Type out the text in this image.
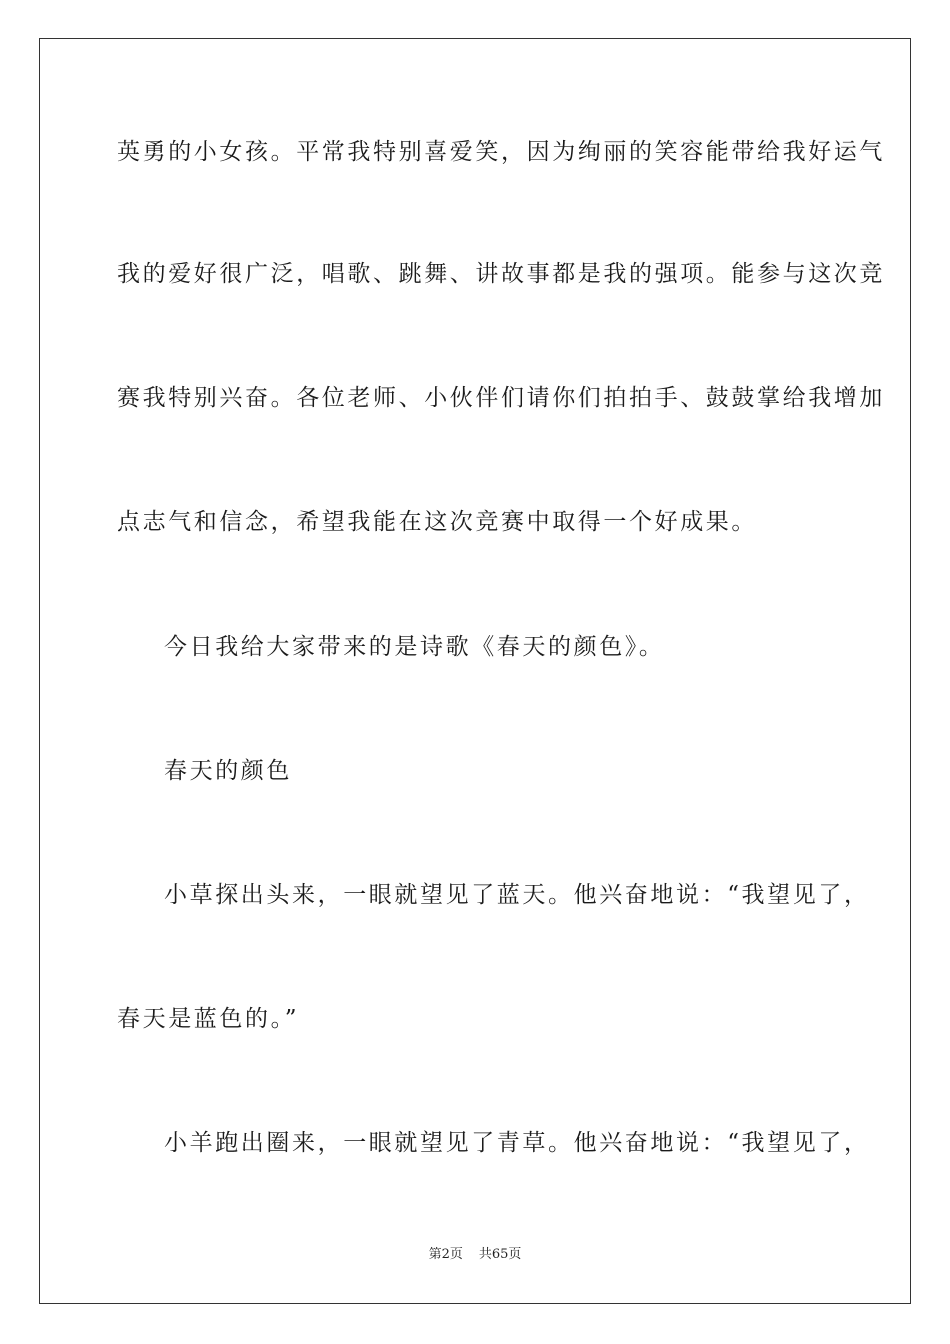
英勇的小女孩。平常我特别喜爱笑，因为绚丽的笑容能带给我好运气
我的爱好很广泛，唱歌、跳舞、讲故事都是我的强项。能参与这次竞
赛我特别兴奋。各位老师、小伙伴们请你们拍拍手、鼓鼓掌给我增加
点志气和信念，希望我能在这次竞赛中取得一个好成果。
今日我给大家带来的是诗歌《春天的颜色》。
春天的颜色
小草探出头来，一眼就望见了蓝天。他兴奋地说：“我望见了，
春天是蓝色的。”
小羊跑出圈来，一眼就望见了青草。他兴奋地说：“我望见了，
第2页 共65页
